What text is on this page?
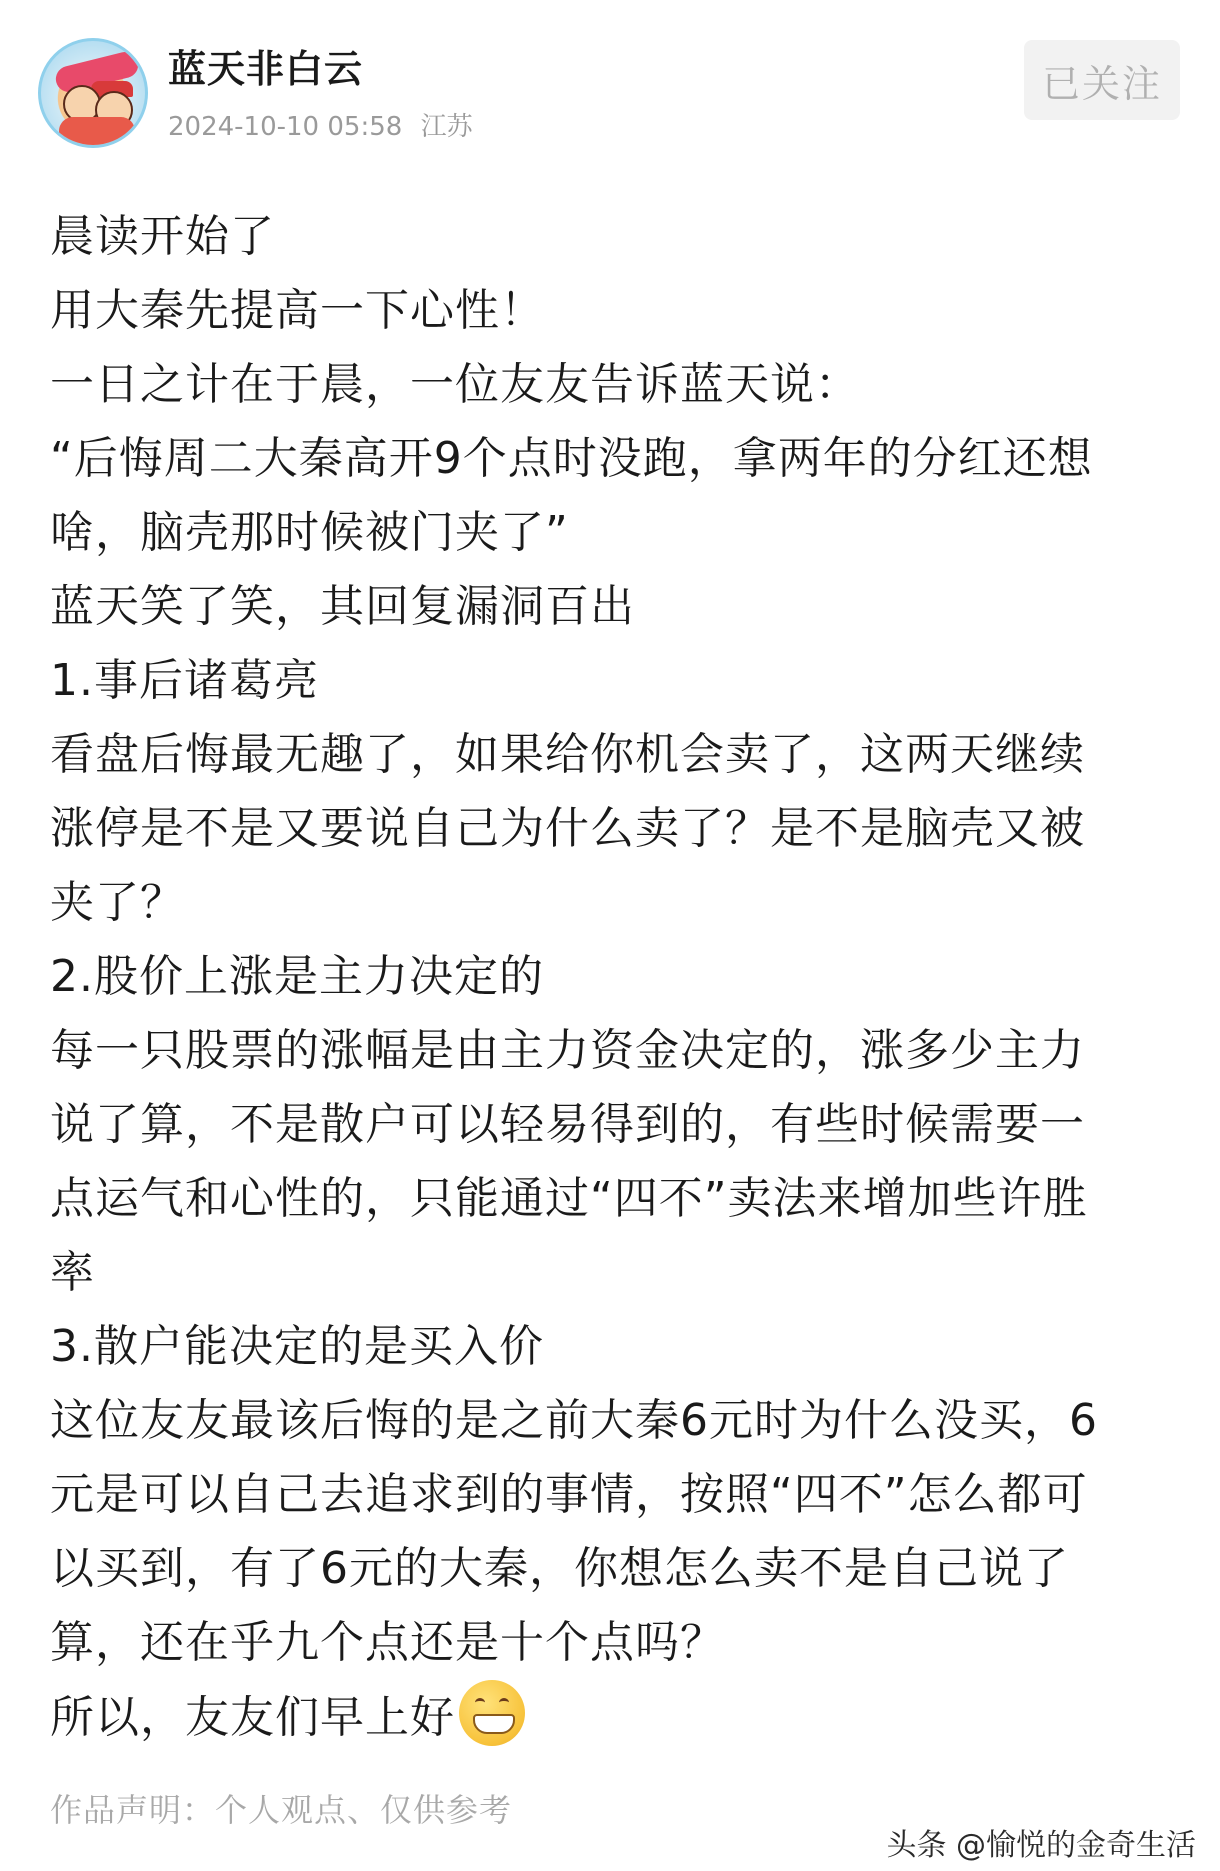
蓝天非白云
2024-10-10 05:58 江苏
已关注
晨读开始了
用大秦先提高一下心性！
一日之计在于晨，一位友友告诉蓝天说：
“后悔周二大秦高开9个点时没跑，拿两年的分红还想
啥，脑壳那时候被门夹了”
蓝天笑了笑，其回复漏洞百出
1.事后诸葛亮
看盘后悔最无趣了，如果给你机会卖了，这两天继续
涨停是不是又要说自己为什么卖了？是不是脑壳又被
夹了？
2.股价上涨是主力决定的
每一只股票的涨幅是由主力资金决定的，涨多少主力
说了算，不是散户可以轻易得到的，有些时候需要一
点运气和心性的，只能通过“四不”卖法来增加些许胜
率
3.散户能决定的是买入价
这位友友最该后悔的是之前大秦6元时为什么没买，6
元是可以自己去追求到的事情，按照“四不”怎么都可
以买到，有了6元的大秦，你想怎么卖不是自己说了
算，还在乎九个点还是十个点吗？
所以，友友们早上好
作品声明：个人观点、仅供参考
头条 @愉悦的金奇生活
